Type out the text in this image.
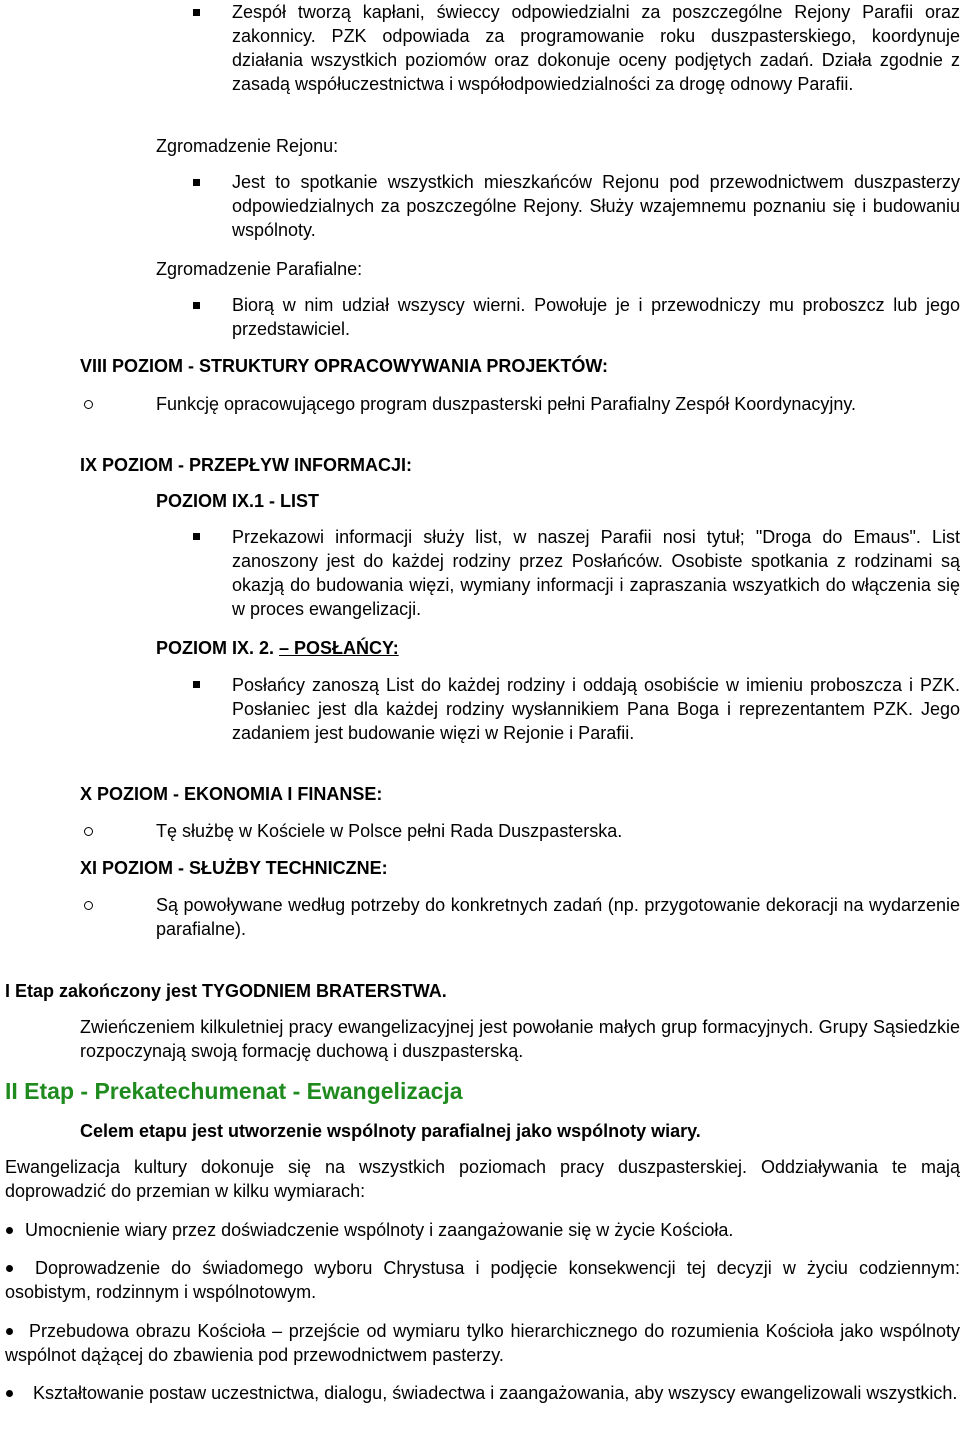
Zespół tworzą kapłani, świeccy odpowiedzialni za poszczególne Rejony Parafii oraz zakonnicy. PZK odpowiada za programowanie roku duszpasterskiego, koordynuje działania wszystkich poziomów oraz dokonuje oceny podjętych zadań. Działa zgodnie z zasadą współuczestnictwa i współodpowiedzialności za drogę odnowy Parafii.
Zgromadzenie Rejonu:
Jest to spotkanie wszystkich mieszkańców Rejonu pod przewodnictwem duszpasterzy odpowiedzialnych za poszczególne Rejony. Służy wzajemnemu poznaniu się i budowaniu wspólnoty.
Zgromadzenie Parafialne:
Biorą w nim udział wszyscy wierni. Powołuje je i przewodniczy mu proboszcz lub jego przedstawiciel.
VIII POZIOM - STRUKTURY OPRACOWYWANIA PROJEKTÓW:
Funkcję opracowującego program duszpasterski pełni Parafialny Zespół Koordynacyjny.
IX POZIOM - PRZEPŁYW INFORMACJI:
POZIOM IX.1 - LIST
Przekazowi informacji służy list, w naszej Parafii nosi tytuł; "Droga do Emaus". List zanoszony jest do każdej rodziny przez Posłańców. Osobiste spotkania z rodzinami są okazją do budowania więzi, wymiany informacji i zapraszania wszyatkich do włączenia się w proces ewangelizacji.
POZIOM IX. 2. – POSŁAŃCY:
Posłańcy zanoszą List do każdej rodziny i oddają osobiście w imieniu proboszcza i PZK. Posłaniec jest dla każdej rodziny wysłannikiem Pana Boga i reprezentantem PZK. Jego zadaniem jest budowanie więzi w Rejonie i Parafii.
X POZIOM - EKONOMIA I FINANSE:
Tę służbę w Kościele w Polsce pełni Rada Duszpasterska.
XI POZIOM - SŁUŻBY TECHNICZNE:
Są powoływane według potrzeby do konkretnych zadań (np. przygotowanie dekoracji na wydarzenie parafialne).
I Etap zakończony jest TYGODNIEM BRATERSTWA.
Zwieńczeniem kilkuletniej pracy ewangelizacyjnej jest powołanie małych grup formacyjnych. Grupy Sąsiedzkie rozpoczynają swoją formację duchową i duszpasterską.
II Etap - Prekatechumenat - Ewangelizacja
Celem etapu jest utworzenie wspólnoty parafialnej jako wspólnoty wiary.
Ewangelizacja kultury dokonuje się na wszystkich poziomach pracy duszpasterskiej. Oddziaływania te mają doprowadzić do przemian w kilku wymiarach:
Umocnienie wiary przez doświadczenie wspólnoty i zaangażowanie się w życie Kościoła.
Doprowadzenie do świadomego wyboru Chrystusa i podjęcie konsekwencji tej decyzji w życiu codziennym: osobistym, rodzinnym i wspólnotowym.
Przebudowa obrazu Kościoła – przejście od wymiaru tylko hierarchicznego do rozumienia Kościoła jako wspólnoty wspólnot dążącej do zbawienia pod przewodnictwem pasterzy.
Kształtowanie postaw uczestnictwa, dialogu, świadectwa i zaangażowania, aby wszyscy ewangelizowali wszystkich.
